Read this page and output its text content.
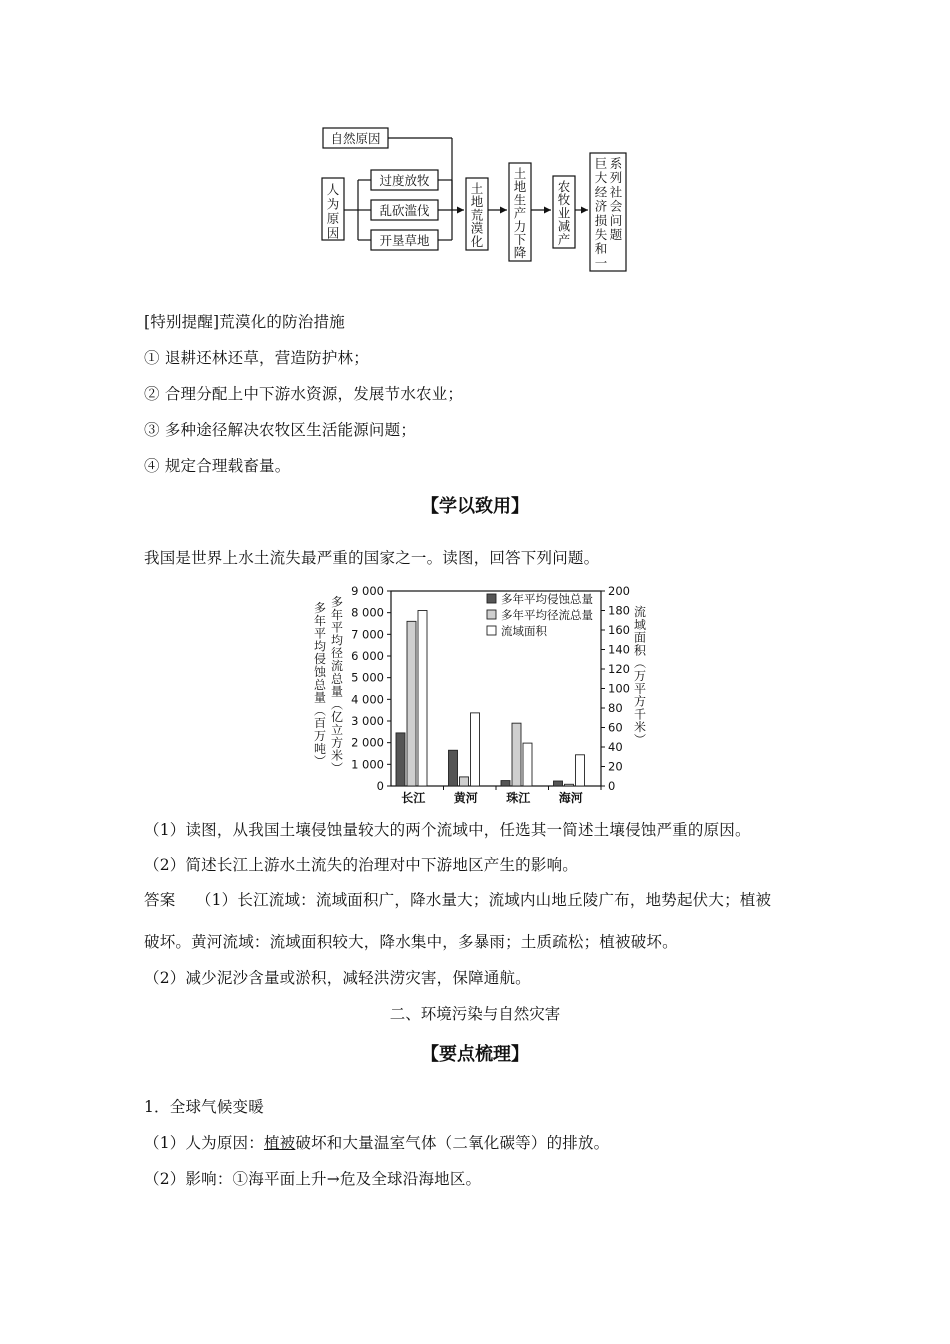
自然原因
过度放牧
乱砍滥伐
开垦草地
人
为
原
因
土
地
荒
漠
化
土
地
生
产
力
下
降
农
牧
业
减
产
巨
大
经
济
损
失
和
一
系
列
社
会
问
题
[特别提醒]荒漠化的防治措施
① 退耕还林还草，营造防护林；
② 合理分配上中下游水资源，发展节水农业；
③ 多种途径解决农牧区生活能源问题；
④ 规定合理载畜量。
【学以致用】
我国是世界上水土流失最严重的国家之一。读图，回答下列问题。
0
1 000
2 000
3 000
4 000
5 000
6 000
7 000
8 000
9 000
0
20
40
60
80
100
120
140
160
180
200
多
年
平
均
侵
蚀
总
量
︵
百
万
吨
︶
多
年
平
均
径
流
总
量
︵
亿
立
方
米
︶
流
域
面
积
︵
万
平
方
千
米
︶
长江 黄河 珠江 海河
多年平均侵蚀总量
多年平均径流总量
流域面积
（1）读图，从我国土壤侵蚀量较大的两个流域中，任选其一简述土壤侵蚀严重的原因。
（2）简述长江上游水土流失的治理对中下游地区产生的影响。
答案 （1）长江流域：流域面积广，降水量大；流域内山地丘陵广布，地势起伏大；植被
破坏。黄河流域：流域面积较大，降水集中，多暴雨；土质疏松；植被破坏。
（2）减少泥沙含量或淤积，减轻洪涝灾害，保障通航。
二、环境污染与自然灾害
【要点梳理】
1．全球气候变暖
（1）人为原因：植被破坏和大量温室气体（二氧化碳等）的排放。
（2）影响：①海平面上升→危及全球沿海地区。
